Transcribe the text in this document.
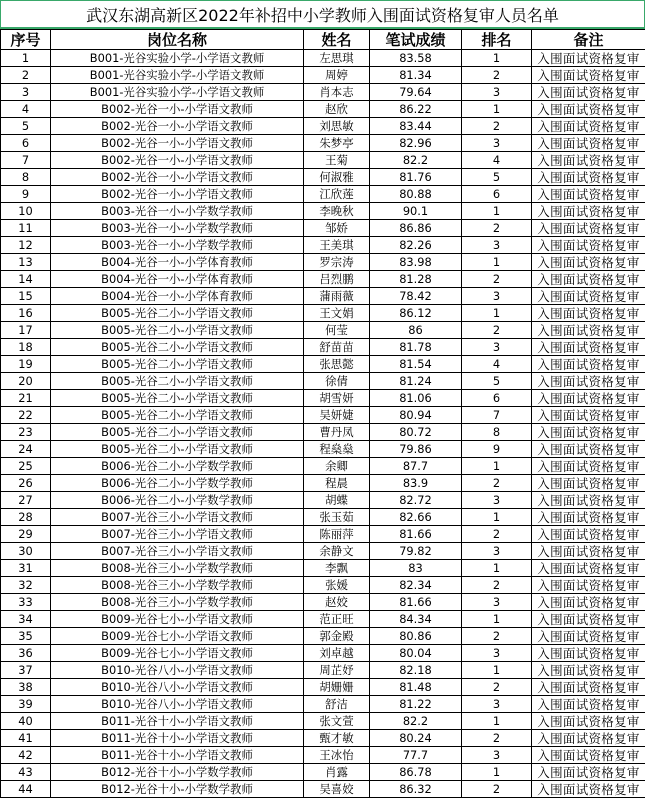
武汉东湖高新区2022年补招中小学教师入围面试资格复审人员名单
序号	岗位名称	姓名	笔试成绩	排名	备注
1	B001-光谷实验小学-小学语文教师	左思琪	83.58	1	入围面试资格复审
2	B001-光谷实验小学-小学语文教师	周婷	81.34	2	入围面试资格复审
3	B001-光谷实验小学-小学语文教师	肖本志	79.64	3	入围面试资格复审
4	B002-光谷一小-小学语文教师	赵欣	86.22	1	入围面试资格复审
5	B002-光谷一小-小学语文教师	刘思敏	83.44	2	入围面试资格复审
6	B002-光谷一小-小学语文教师	朱梦亭	82.96	3	入围面试资格复审
7	B002-光谷一小-小学语文教师	王菊	82.2	4	入围面试资格复审
8	B002-光谷一小-小学语文教师	何淑雅	81.76	5	入围面试资格复审
9	B002-光谷一小-小学语文教师	江欣莲	80.88	6	入围面试资格复审
10	B003-光谷一小-小学数学教师	李晚秋	90.1	1	入围面试资格复审
11	B003-光谷一小-小学数学教师	邹娇	86.86	2	入围面试资格复审
12	B003-光谷一小-小学数学教师	王美琪	82.26	3	入围面试资格复审
13	B004-光谷一小-小学体育教师	罗宗涛	83.98	1	入围面试资格复审
14	B004-光谷一小-小学体育教师	吕烈鹏	81.28	2	入围面试资格复审
15	B004-光谷一小-小学体育教师	蒲雨薇	78.42	3	入围面试资格复审
16	B005-光谷二小-小学语文教师	王文娟	86.12	1	入围面试资格复审
17	B005-光谷二小-小学语文教师	何莹	86	2	入围面试资格复审
18	B005-光谷二小-小学语文教师	舒苗苗	81.78	3	入围面试资格复审
19	B005-光谷二小-小学语文教师	张思懿	81.54	4	入围面试资格复审
20	B005-光谷二小-小学语文教师	徐倩	81.24	5	入围面试资格复审
21	B005-光谷二小-小学语文教师	胡雪妍	81.06	6	入围面试资格复审
22	B005-光谷二小-小学语文教师	吴妍婕	80.94	7	入围面试资格复审
23	B005-光谷二小-小学语文教师	曹丹凤	80.72	8	入围面试资格复审
24	B005-光谷二小-小学语文教师	程燊燊	79.86	9	入围面试资格复审
25	B006-光谷二小-小学数学教师	余卿	87.7	1	入围面试资格复审
26	B006-光谷二小-小学数学教师	程晨	83.9	2	入围面试资格复审
27	B006-光谷二小-小学数学教师	胡蝶	82.72	3	入围面试资格复审
28	B007-光谷三小-小学语文教师	张玉茹	82.66	1	入围面试资格复审
29	B007-光谷三小-小学语文教师	陈丽萍	81.66	2	入围面试资格复审
30	B007-光谷三小-小学语文教师	余静文	79.82	3	入围面试资格复审
31	B008-光谷三小-小学数学教师	李飘	83	1	入围面试资格复审
32	B008-光谷三小-小学数学教师	张媛	82.34	2	入围面试资格复审
33	B008-光谷三小-小学数学教师	赵姣	81.66	3	入围面试资格复审
34	B009-光谷七小-小学语文教师	范正旺	84.34	1	入围面试资格复审
35	B009-光谷七小-小学语文教师	郭金殿	80.86	2	入围面试资格复审
36	B009-光谷七小-小学语文教师	刘卓越	80.04	3	入围面试资格复审
37	B010-光谷八小-小学语文教师	周芷妤	82.18	1	入围面试资格复审
38	B010-光谷八小-小学语文教师	胡姗姗	81.48	2	入围面试资格复审
39	B010-光谷八小-小学语文教师	舒洁	81.22	3	入围面试资格复审
40	B011-光谷十小-小学语文教师	张文萱	82.2	1	入围面试资格复审
41	B011-光谷十小-小学语文教师	甄才敏	80.24	2	入围面试资格复审
42	B011-光谷十小-小学语文教师	王冰怡	77.7	3	入围面试资格复审
43	B012-光谷十小-小学数学教师	肖露	86.78	1	入围面试资格复审
44	B012-光谷十小-小学数学教师	吴喜姣	86.32	2	入围面试资格复审
